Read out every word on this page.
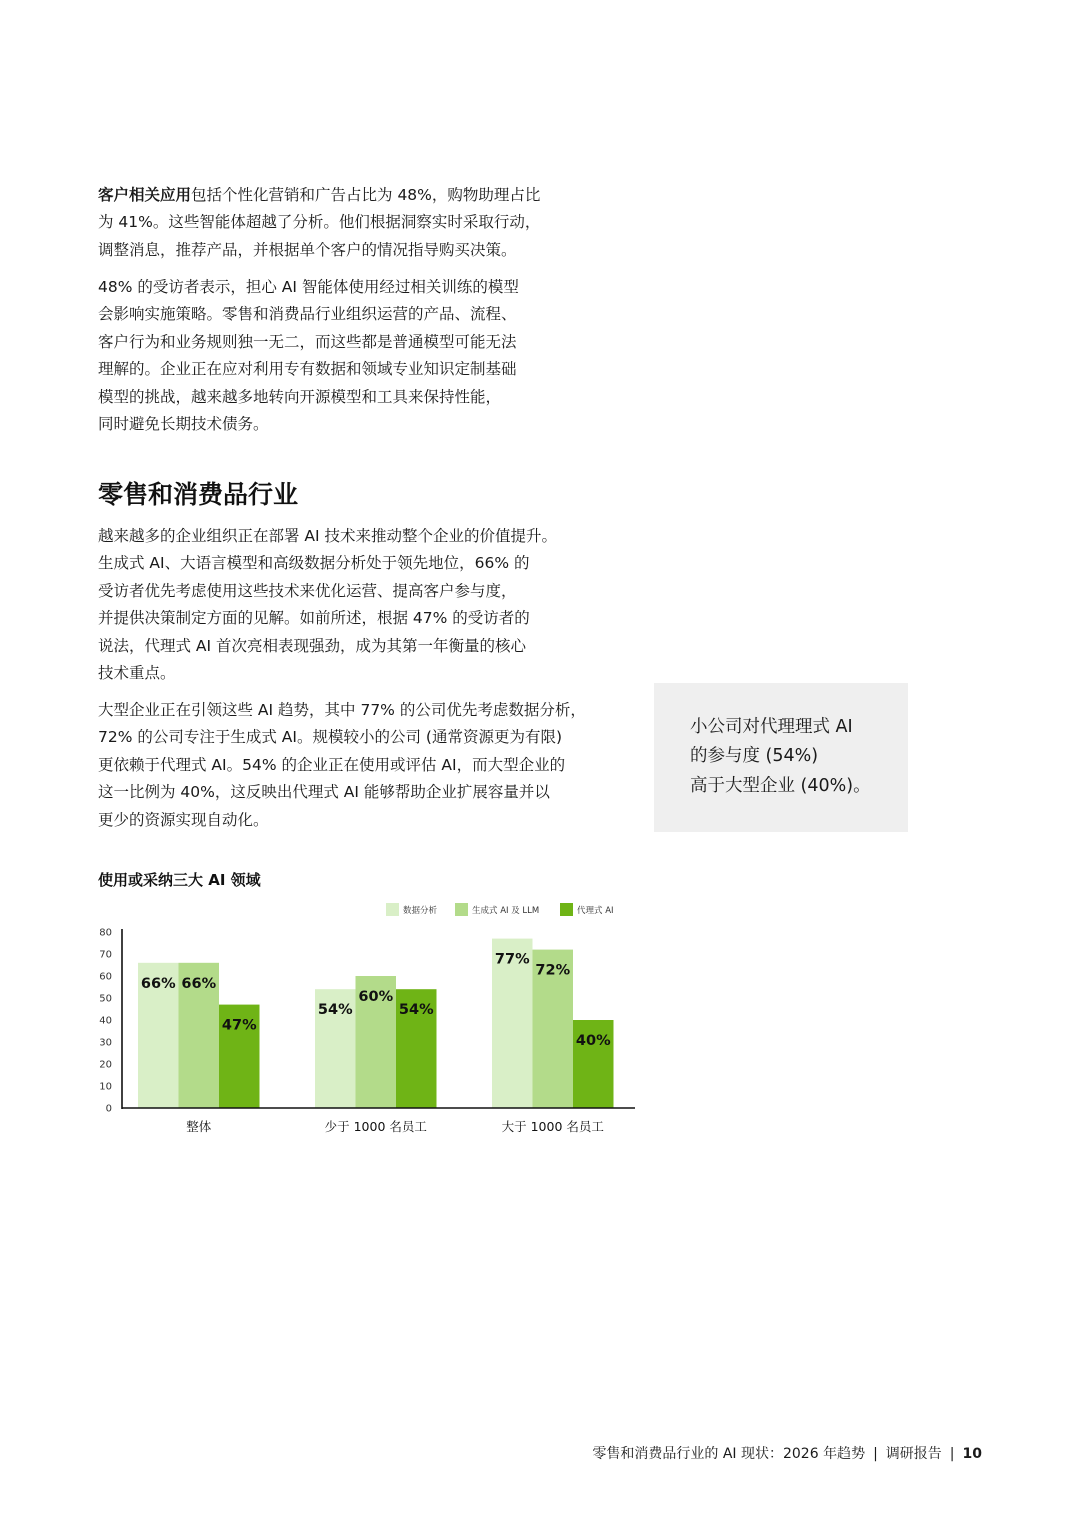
客户相关应用包括个性化营销和广告占比为 48%，购物助理占比
为 41%。这些智能体超越了分析。他们根据洞察实时采取行动，
调整消息，推荐产品，并根据单个客户的情况指导购买决策。
48% 的受访者表示，担心 AI 智能体使用经过相关训练的模型
会影响实施策略。零售和消费品行业组织运营的产品、流程、
客户行为和业务规则独一无二，而这些都是普通模型可能无法
理解的。企业正在应对利用专有数据和领域专业知识定制基础
模型的挑战，越来越多地转向开源模型和工具来保持性能，
同时避免长期技术债务。
零售和消费品行业
越来越多的企业组织正在部署 AI 技术来推动整个企业的价值提升。
生成式 AI、大语言模型和高级数据分析处于领先地位，66% 的
受访者优先考虑使用这些技术来优化运营、提高客户参与度，
并提供决策制定方面的见解。如前所述，根据 47% 的受访者的
说法，代理式 AI 首次亮相表现强劲，成为其第一年衡量的核心
技术重点。
大型企业正在引领这些 AI 趋势，其中 77% 的公司优先考虑数据分析，
72% 的公司专注于生成式 AI。规模较小的公司 (通常资源更为有限)
更依赖于代理式 AI。54% 的企业正在使用或评估 AI，而大型企业的
这一比例为 40%，这反映出代理式 AI 能够帮助企业扩展容量并以
更少的资源实现自动化。

小公司对代理理式 AI
的参与度 (54%)
高于大型企业 (40%)。

使用或采纳三大 AI 领域
0
10
20
30
40
50
60
70
80
66%
54%
77%
66%
60%
72%
47%
54%
40%
整体	少于 1000 名员工	大于 1000 名员工
数据分析	生成式 AI 及 LLM	代理式 AI
零售和消费品行业的 AI 现状：2026 年趋势 | 调研报告 | 10
